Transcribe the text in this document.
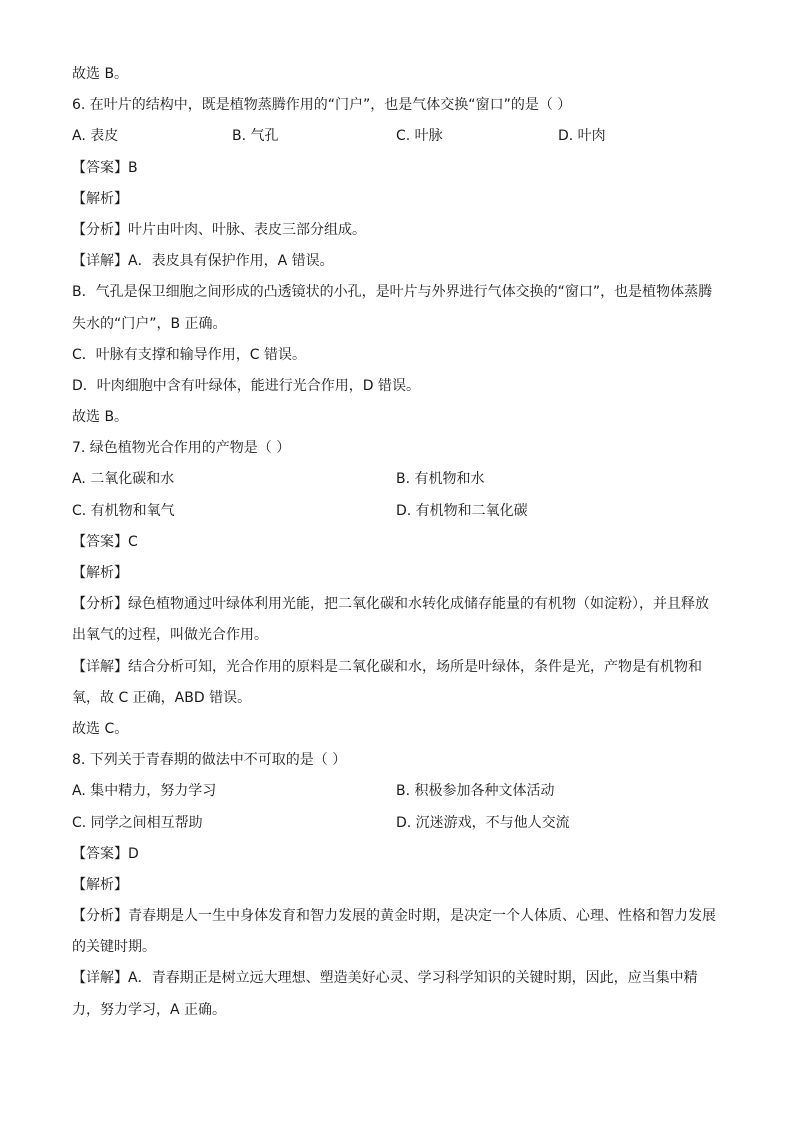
故选 B。
6. 在叶片的结构中，既是植物蒸腾作用的“门户”，也是气体交换“窗口”的是（ ）
A. 表皮	B. 气孔	C. 叶脉	D. 叶肉
【答案】B
【解析】
【分析】叶片由叶肉、叶脉、表皮三部分组成。
【详解】A．表皮具有保护作用，A 错误。
B．气孔是保卫细胞之间形成的凸透镜状的小孔，是叶片与外界进行气体交换的“窗口”，也是植物体蒸腾
失水的“门户”，B 正确。
C．叶脉有支撑和输导作用，C 错误。
D．叶肉细胞中含有叶绿体，能进行光合作用，D 错误。
故选 B。
7. 绿色植物光合作用的产物是（ ）
A. 二氧化碳和水	B. 有机物和水
C. 有机物和氧气	D. 有机物和二氧化碳
【答案】C
【解析】
【分析】绿色植物通过叶绿体利用光能，把二氧化碳和水转化成储存能量的有机物（如淀粉），并且释放
出氧气的过程，叫做光合作用。
【详解】结合分析可知，光合作用的原料是二氧化碳和水，场所是叶绿体，条件是光，产物是有机物和
氧，故 C 正确，ABD 错误。
故选 C。
8. 下列关于青春期的做法中不可取的是（ ）
A. 集中精力，努力学习	B. 积极参加各种文体活动
C. 同学之间相互帮助	D. 沉迷游戏，不与他人交流
【答案】D
【解析】
【分析】青春期是人一生中身体发育和智力发展的黄金时期，是决定一个人体质、心理、性格和智力发展
的关键时期。
【详解】A．青春期正是树立远大理想、塑造美好心灵、学习科学知识的关键时期，因此，应当集中精
力，努力学习，A 正确。
